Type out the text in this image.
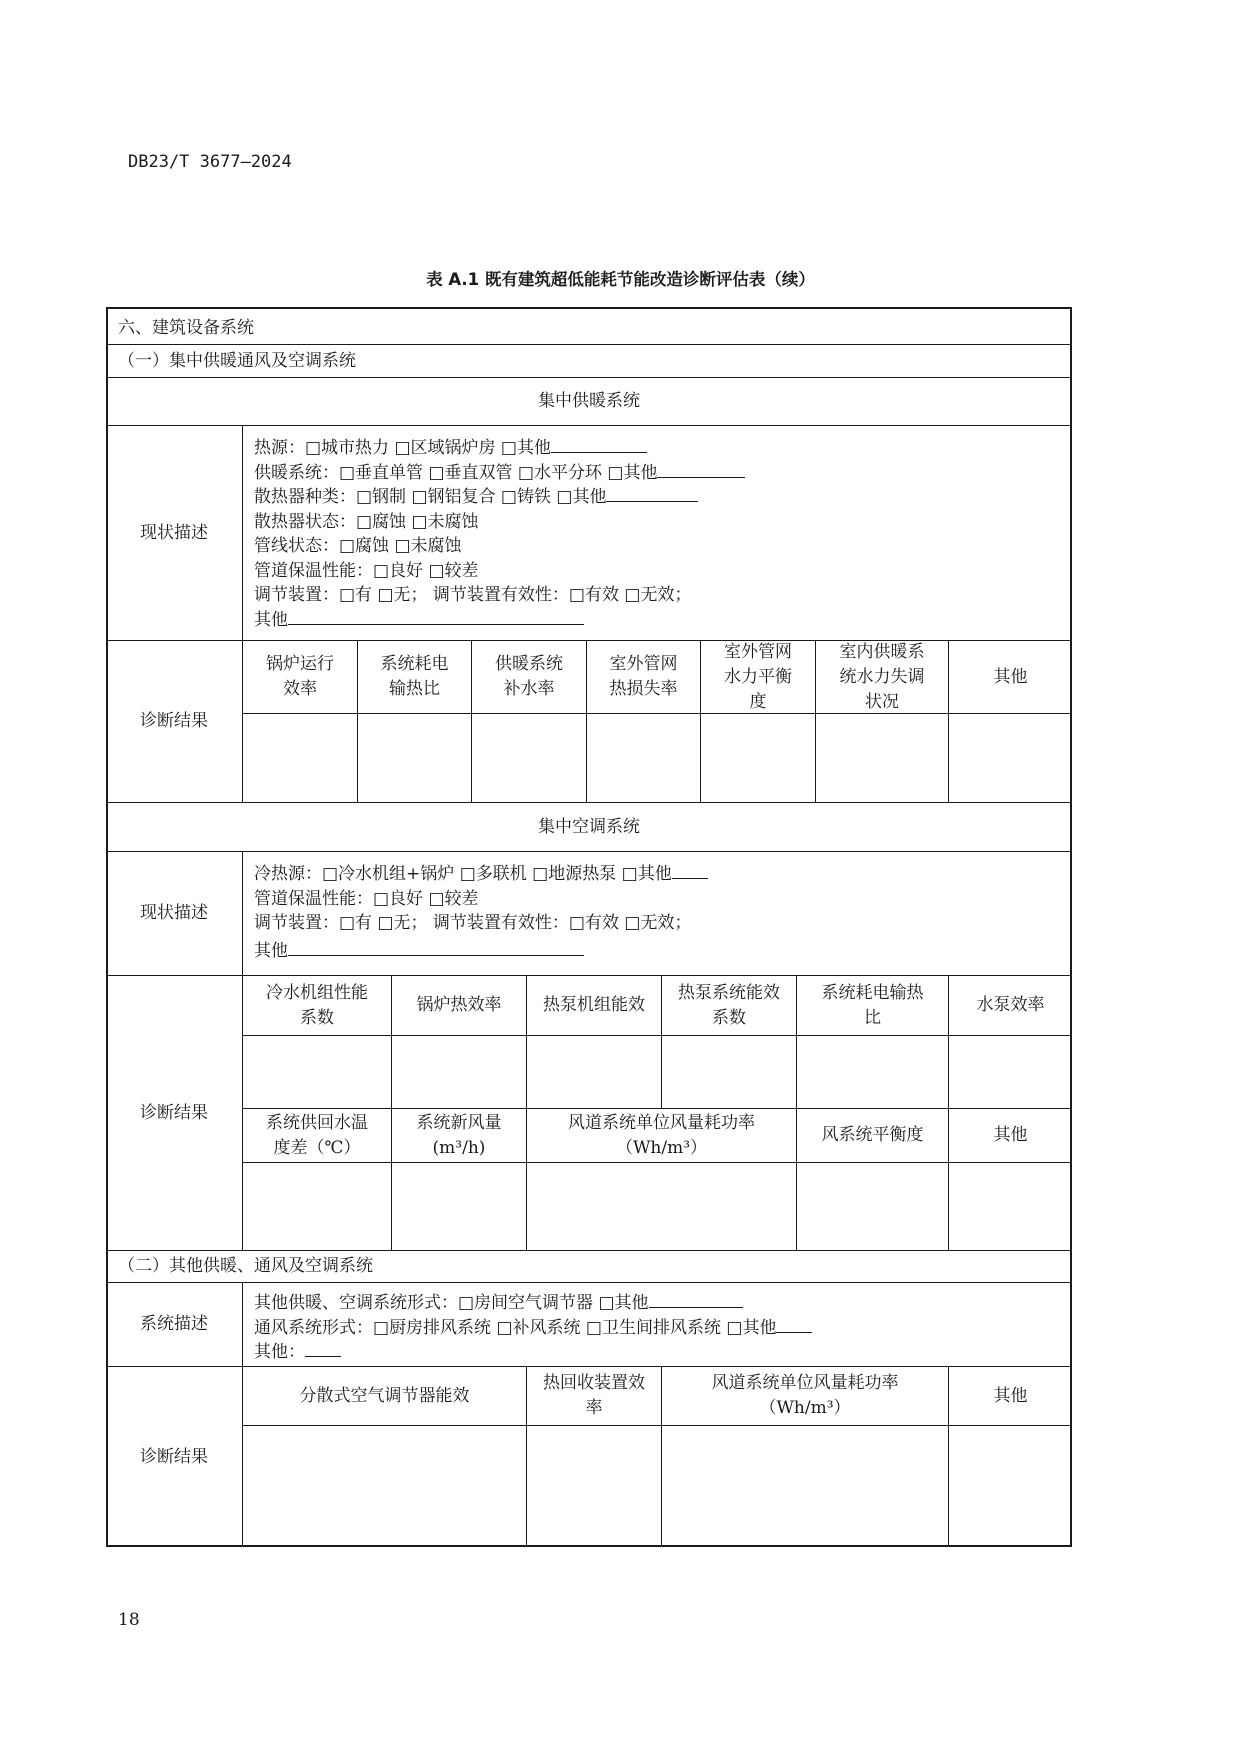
DB23/T 3677—2024
表 A.1 既有建筑超低能耗节能改造诊断评估表（续）
六、建筑设备系统
（一）集中供暖通风及空调系统
集中供暖系统
现状描述
热源：□城市热力 □区域锅炉房 □其他
供暖系统：□垂直单管 □垂直双管 □水平分环 □其他
散热器种类：□钢制 □钢铝复合 □铸铁 □其他
散热器状态：□腐蚀 □未腐蚀
管线状态：□腐蚀 □未腐蚀
管道保温性能：□良好 □较差
调节装置：□有 □无； 调节装置有效性：□有效 □无效；
其他
诊断结果
锅炉运行
效率
系统耗电
输热比
供暖系统
补水率
室外管网
热损失率
室外管网
水力平衡
度
室内供暖系
统水力失调
状况
其他
集中空调系统
现状描述
冷热源：□冷水机组+锅炉 □多联机 □地源热泵 □其他
管道保温性能：□良好 □较差
调节装置：□有 □无； 调节装置有效性：□有效 □无效；
其他
诊断结果
冷水机组性能
系数
锅炉热效率	热泵机组能效
热泵系统能效
系数
系统耗电输热
比
水泵效率
系统供回水温
度差（℃）
系统新风量
(m³/h)
风道系统单位风量耗功率
（Wh/m³）
风系统平衡度	其他
（二）其他供暖、通风及空调系统
系统描述
其他供暖、空调系统形式：□房间空气调节器 □其他
通风系统形式：□厨房排风系统 □补风系统 □卫生间排风系统 □其他
其他：
诊断结果
分散式空气调节器能效
热回收装置效
率
风道系统单位风量耗功率
（Wh/m³）
其他
18
